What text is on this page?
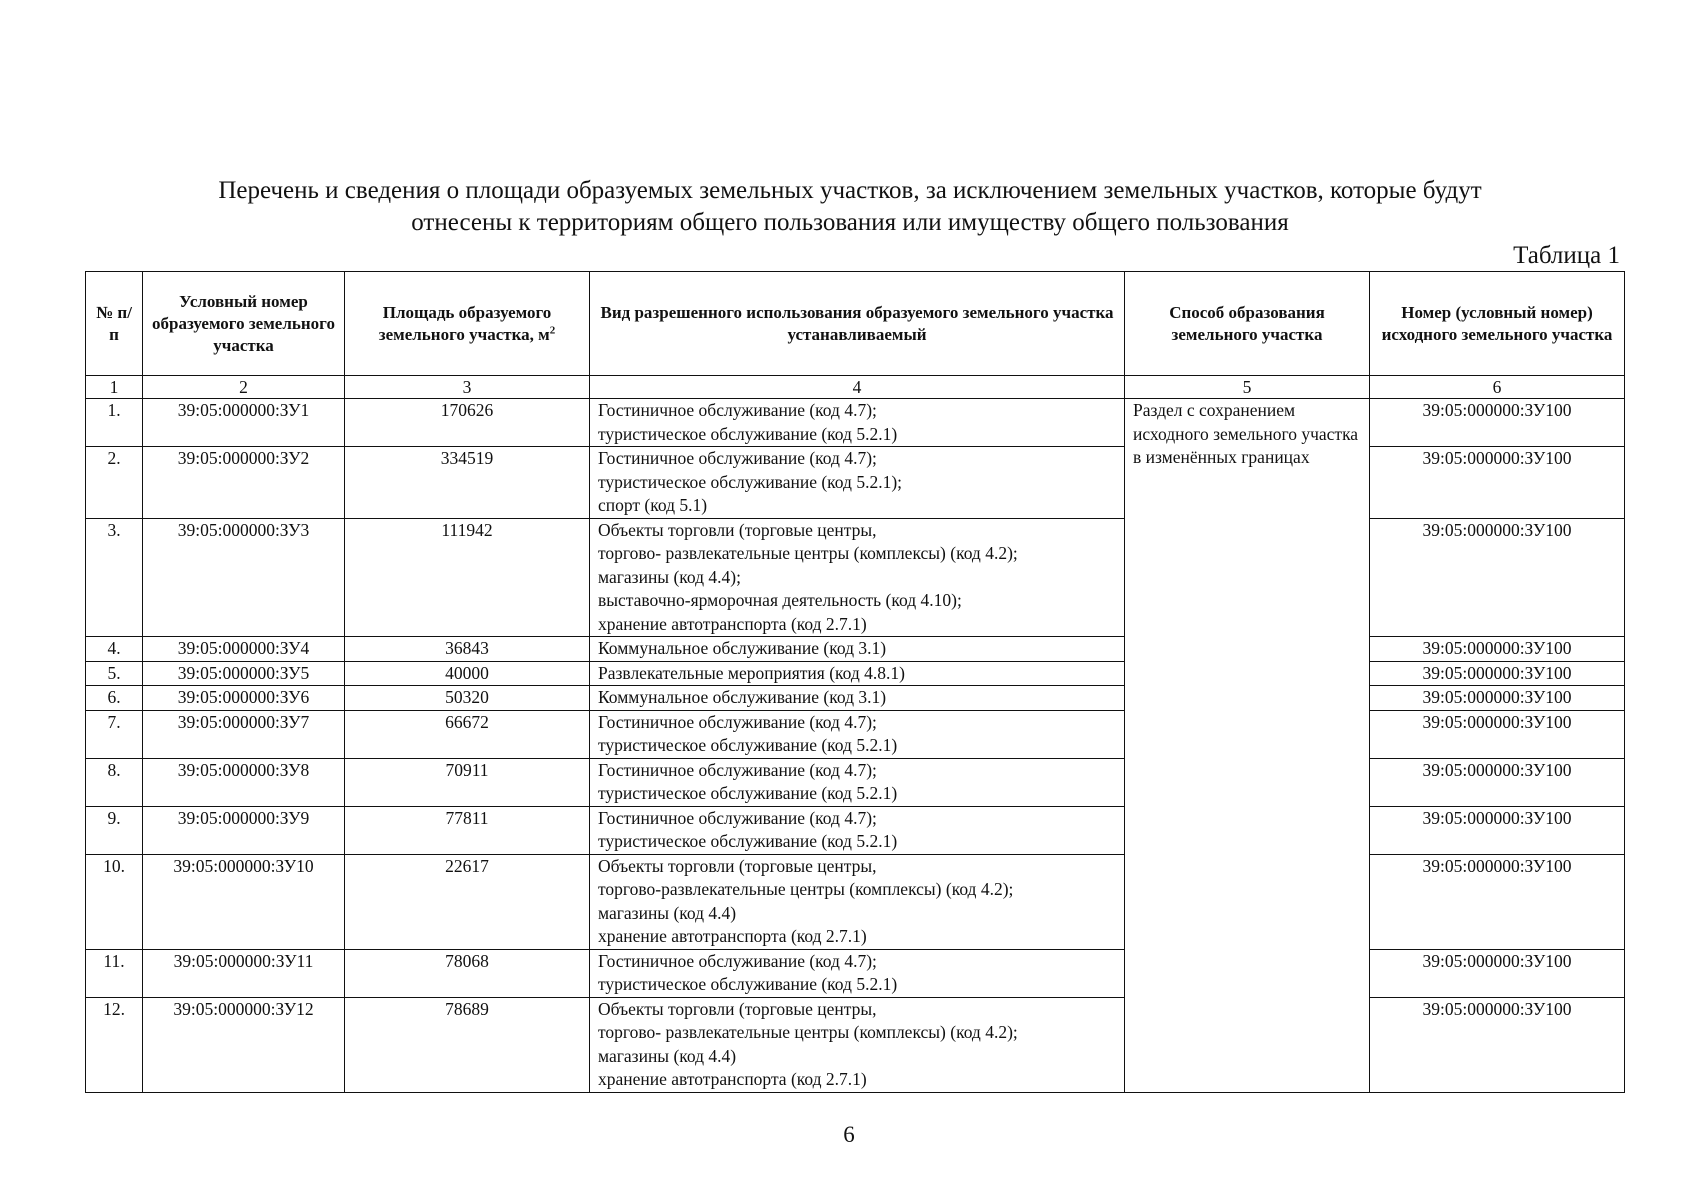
Перечень и сведения о площади образуемых земельных участков, за исключением земельных участков, которые будут
отнесены к территориям общего пользования или имуществу общего пользования
Таблица 1
№ п/п	Условный номер образуемого земельного участка	Площадь образуемого земельного участка, $м^2$	Вид разрешенного использования образуемого земельного участка устанавливаемый	Способ образования земельного участка	Номер (условный номер) исходного земельного участка
1	2	3	4	5	6
1.	39:05:000000:ЗУ1	170626	Гостиничное обслуживание (код 4.7);
туристическое обслуживание (код 5.2.1)	Раздел с сохранением исходного земельного участка в изменённых границах	39:05:000000:ЗУ100
2.	39:05:000000:ЗУ2	334519	Гостиничное обслуживание (код 4.7);
туристическое обслуживание (код 5.2.1);
спорт (код 5.1)		39:05:000000:ЗУ100
3.	39:05:000000:ЗУ3	111942	Объекты торговли (торговые центры,
торгово- развлекательные центры (комплексы) (код 4.2);
магазины (код 4.4);
выставочно-ярморочная деятельность (код 4.10);
хранение автотранспорта (код 2.7.1)		39:05:000000:ЗУ100
4.	39:05:000000:ЗУ4	36843	Коммунальное обслуживание (код 3.1)		39:05:000000:ЗУ100
5.	39:05:000000:ЗУ5	40000	Развлекательные мероприятия (код 4.8.1)		39:05:000000:ЗУ100
6.	39:05:000000:ЗУ6	50320	Коммунальное обслуживание (код 3.1)		39:05:000000:ЗУ100
7.	39:05:000000:ЗУ7	66672	Гостиничное обслуживание (код 4.7);
туристическое обслуживание (код 5.2.1)		39:05:000000:ЗУ100
8.	39:05:000000:ЗУ8	70911	Гостиничное обслуживание (код 4.7);
туристическое обслуживание (код 5.2.1)		39:05:000000:ЗУ100
9.	39:05:000000:ЗУ9	77811	Гостиничное обслуживание (код 4.7);
туристическое обслуживание (код 5.2.1)		39:05:000000:ЗУ100
10.	39:05:000000:ЗУ10	22617	Объекты торговли (торговые центры,
торгово-развлекательные центры (комплексы) (код 4.2);
магазины (код 4.4)
хранение автотранспорта (код 2.7.1)		39:05:000000:ЗУ100
11.	39:05:000000:ЗУ11	78068	Гостиничное обслуживание (код 4.7);
туристическое обслуживание (код 5.2.1)		39:05:000000:ЗУ100
12.	39:05:000000:ЗУ12	78689	Объекты торговли (торговые центры,
торгово- развлекательные центры (комплексы) (код 4.2);
магазины (код 4.4)
хранение автотранспорта (код 2.7.1)		39:05:000000:ЗУ100
6
